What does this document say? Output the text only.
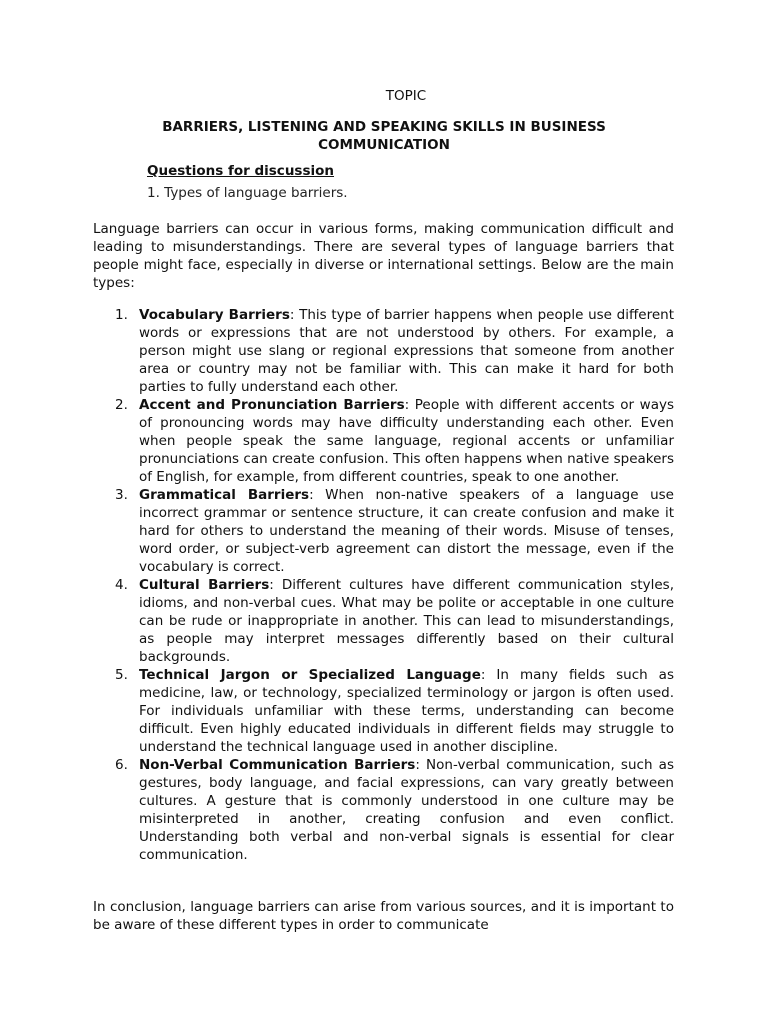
TOPIC
BARRIERS, LISTENING AND SPEAKING SKILLS IN BUSINESS COMMUNICATION
Questions for discussion
1. Types of language barriers.

Language barriers can occur in various forms, making communication difficult and leading to misunderstandings. There are several types of language barriers that people might face, especially in diverse or international settings. Below are the main types:

1. Vocabulary Barriers: This type of barrier happens when people use different words or expressions that are not understood by others. For example, a person might use slang or regional expressions that someone from another area or country may not be familiar with. This can make it hard for both parties to fully understand each other.
2. Accent and Pronunciation Barriers: People with different accents or ways of pronouncing words may have difficulty understanding each other. Even when people speak the same language, regional accents or unfamiliar pronunciations can create confusion. This often happens when native speakers of English, for example, from different countries, speak to one another.
3. Grammatical Barriers: When non-native speakers of a language use incorrect grammar or sentence structure, it can create confusion and make it hard for others to understand the meaning of their words. Misuse of tenses, word order, or subject-verb agreement can distort the message, even if the vocabulary is correct.
4. Cultural Barriers: Different cultures have different communication styles, idioms, and non-verbal cues. What may be polite or acceptable in one culture can be rude or inappropriate in another. This can lead to misunderstandings, as people may interpret messages differently based on their cultural backgrounds.
5. Technical Jargon or Specialized Language: In many fields such as medicine, law, or technology, specialized terminology or jargon is often used. For individuals unfamiliar with these terms, understanding can become difficult. Even highly educated individuals in different fields may struggle to understand the technical language used in another discipline.
6. Non-Verbal Communication Barriers: Non-verbal communication, such as gestures, body language, and facial expressions, can vary greatly between cultures. A gesture that is commonly understood in one culture may be misinterpreted in another, creating confusion and even conflict. Understanding both verbal and non-verbal signals is essential for clear communication.

In conclusion, language barriers can arise from various sources, and it is important to be aware of these different types in order to communicate
